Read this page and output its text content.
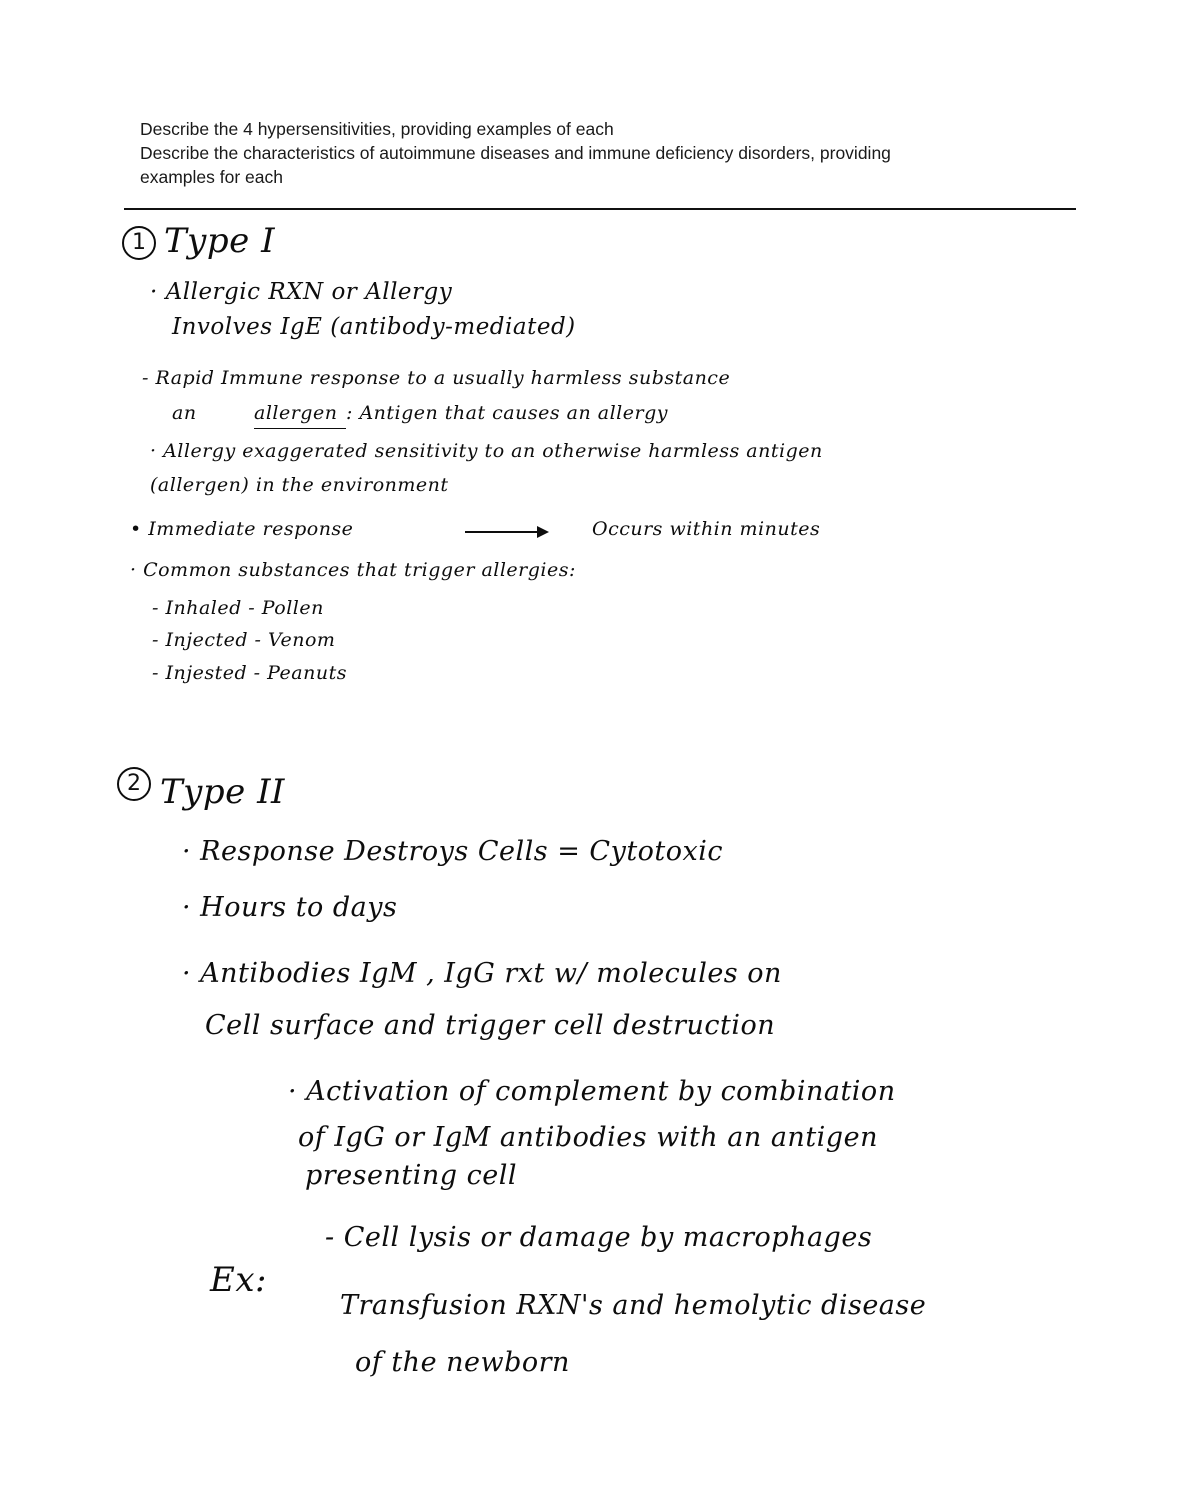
Describe the 4 hypersensitivities, providing examples of each
Describe the characteristics of autoimmune diseases and immune deficiency disorders, providing
examples for each
1 Type I
· Allergic RXN or Allergy
Involves IgE (antibody-mediated)
- Rapid Immune response to a usually harmless substance
an	allergen : Antigen that causes an allergy
· Allergy exaggerated sensitivity to an otherwise harmless antigen
(allergen) in the environment
• Immediate response	Occurs within minutes
· Common substances that trigger allergies:
- Inhaled - Pollen
- Injected - Venom
- Injested - Peanuts
2 Type II
· Response Destroys Cells = Cytotoxic
· Hours to days
· Antibodies IgM , IgG rxt w/ molecules on
Cell surface and trigger cell destruction
· Activation of complement by combination
of IgG or IgM antibodies with an antigen
presenting cell
- Cell lysis or damage by macrophages
Ex:
Transfusion RXN's and hemolytic disease
of the newborn
